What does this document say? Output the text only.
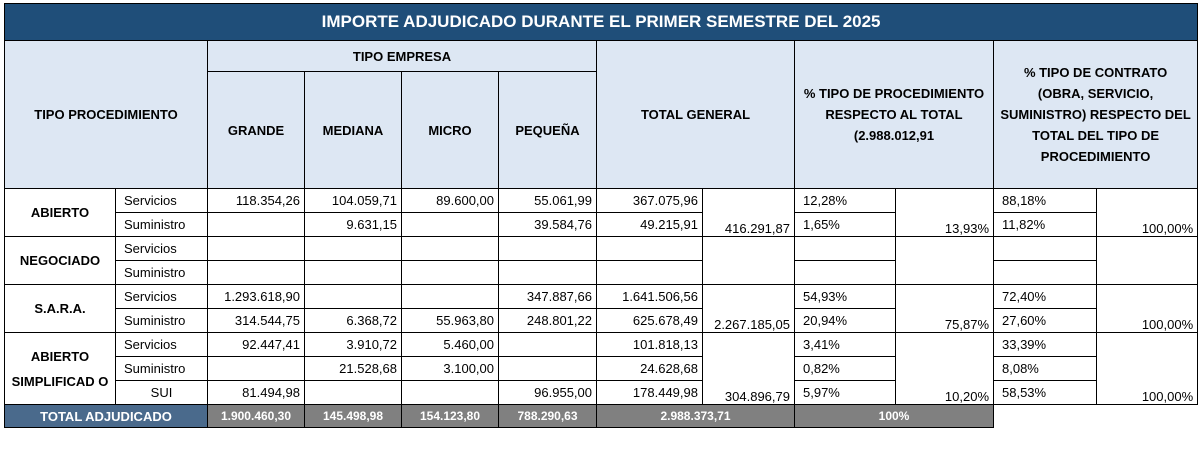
IMPORTE ADJUDICADO DURANTE EL PRIMER SEMESTRE DEL 2025											
TIPO PROCEDIMIENTO		TIPO EMPRESA				TOTAL GENERAL		% TIPO DE PROCEDIMIENTO RESPECTO AL TOTAL (2.988.012,91		% TIPO DE CONTRATO (OBRA, SERVICIO, SUMINISTRO) RESPECTO DEL TOTAL DEL TIPO DE PROCEDIMIENTO	
		GRANDE	MEDIANA	MICRO	PEQUEÑA						
ABIERTO	Servicios	118.354,26	104.059,71	89.600,00	55.061,99	367.075,96	416.291,87	12,28%	13,93%	88,18%	100,00%
	Suministro		9.631,15		39.584,76	49.215,91		1,65%		11,82%	
NEGOCIADO	Servicios										
	Suministro										
S.A.R.A.	Servicios	1.293.618,90			347.887,66	1.641.506,56	2.267.185,05	54,93%	75,87%	72,40%	100,00%
	Suministro	314.544,75	6.368,72	55.963,80	248.801,22	625.678,49		20,94%		27,60%	
ABIERTO SIMPLIFICAD O	Servicios	92.447,41	3.910,72	5.460,00		101.818,13	304.896,79	3,41%	10,20%	33,39%	100,00%
	Suministro		21.528,68	3.100,00		24.628,68		0,82%		8,08%	
	SUI	81.494,98			96.955,00	178.449,98		5,97%		58,53%	
TOTAL ADJUDICADO		1.900.460,30	145.498,98	154.123,80	788.290,63	2.988.373,71		100%			
